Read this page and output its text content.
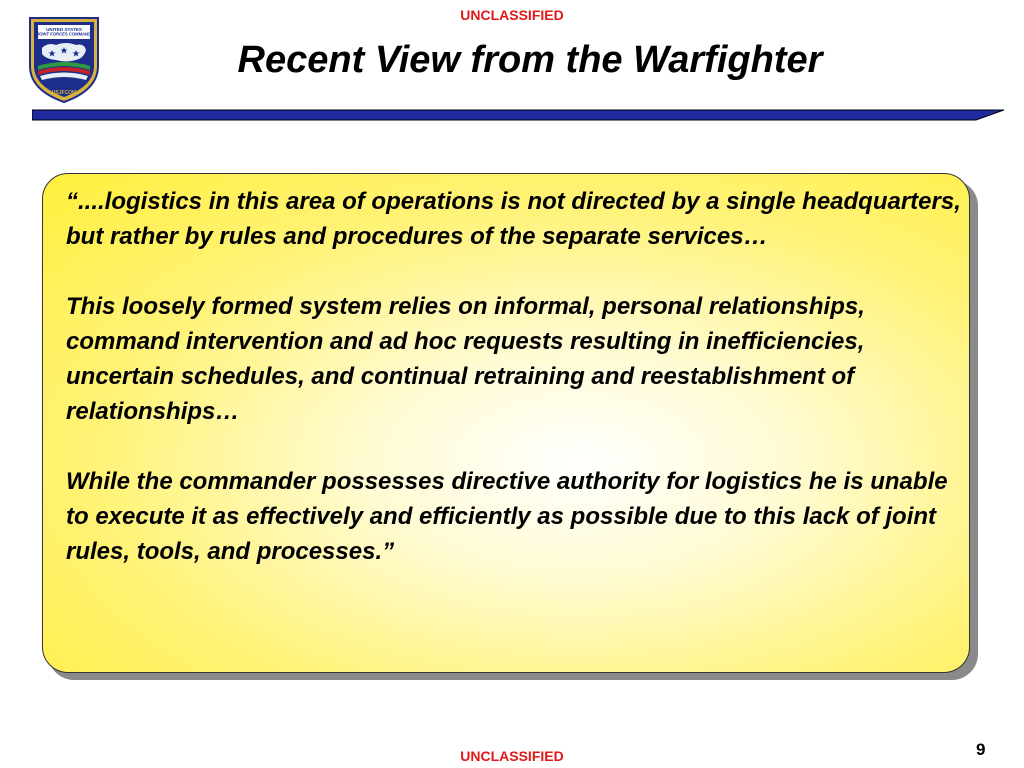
UNCLASSIFIED
UNITED STATES
JOINT FORCES COMMAND
USJFCOM
Recent View from the Warfighter

“....logistics in this area of operations is not directed by a single headquarters, but rather by rules and procedures of the separate services…

This loosely formed system relies on informal, personal relationships, command intervention and ad hoc requests resulting in inefficiencies, uncertain schedules, and continual retraining and reestablishment of relationships…

While the commander possesses directive authority for logistics he is unable to execute it as effectively and efficiently as possible due to this lack of joint rules, tools, and processes.”

9
UNCLASSIFIED
